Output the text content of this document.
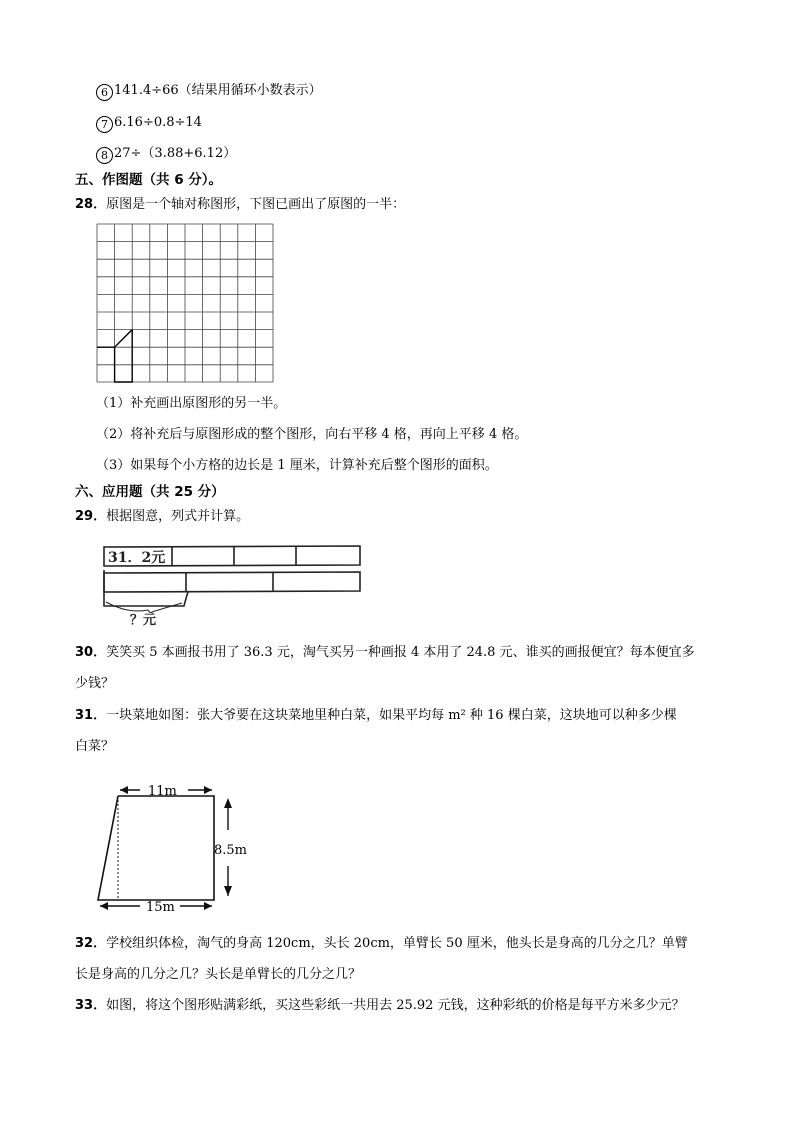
6 141.4÷66（结果用循环小数表示）
7 6.16÷0.8÷14
8 27÷（3.88+6.12）
五、作图题（共 6 分）。
28．原图是一个轴对称图形，下图已画出了原图的一半：
（1）补充画出原图形的另一半。
（2）将补充后与原图形成的整个图形，向右平移 4 格，再向上平移 4 格。
（3）如果每个小方格的边长是 1 厘米，计算补充后整个图形的面积。
六、应用题（共 25 分）
29．根据图意，列式并计算。
31．2元
？元
30．笑笑买 5 本画报书用了 36.3 元，淘气买另一种画报 4 本用了 24.8 元、谁买的画报便宜？每本便宜多
少钱？
31．一块菜地如图：张大爷要在这块菜地里种白菜，如果平均每 m² 种 16 棵白菜，这块地可以种多少棵
白菜？
11m
15m
8.5m
32．学校组织体检，淘气的身高 120cm，头长 20cm，单臂长 50 厘米，他头长是身高的几分之几？单臂
长是身高的几分之几？头长是单臂长的几分之几？
33．如图，将这个图形贴满彩纸，买这些彩纸一共用去 25.92 元钱，这种彩纸的价格是每平方米多少元？
